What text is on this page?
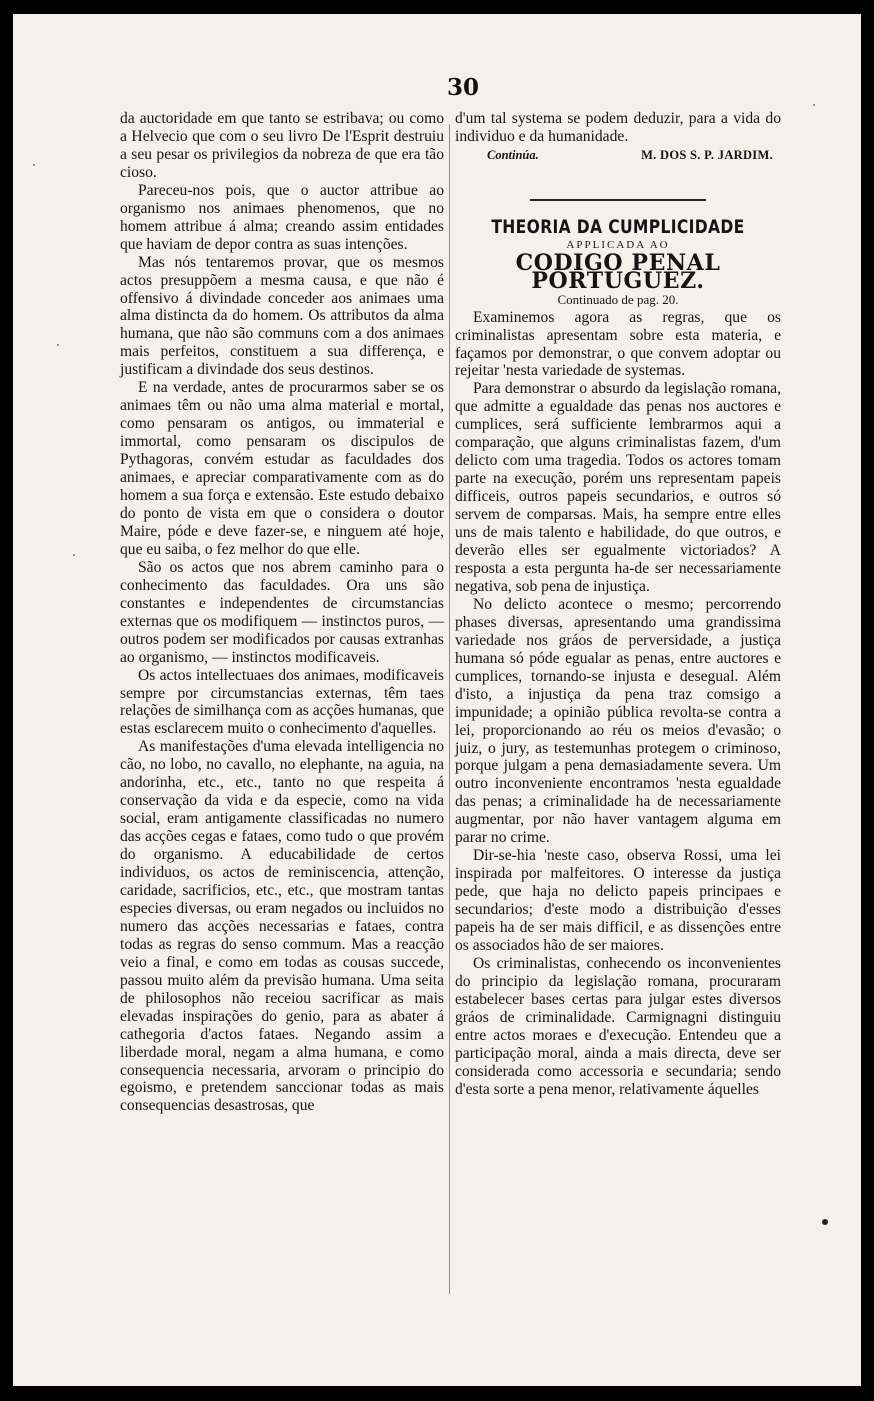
30

da auctoridade em que tanto se estribava; ou como a Helvecio que com o seu livro De l'Esprit destruiu a seu pesar os privilegios da nobreza de que era tão cioso.

Pareceu-nos pois, que o auctor attribue ao organismo nos animaes phenomenos, que no homem attribue á alma; creando assim entidades que haviam de depor contra as suas intenções.

Mas nós tentaremos provar, que os mesmos actos presuppõem a mesma causa, e que não é offensivo á divindade conceder aos animaes uma alma distincta da do homem. Os attributos da alma humana, que não são communs com a dos animaes mais perfeitos, constituem a sua differença, e justificam a divindade dos seus destinos.

E na verdade, antes de procurarmos saber se os animaes têm ou não uma alma material e mortal, como pensaram os antigos, ou immaterial e immortal, como pensaram os discipulos de Pythagoras, convém estudar as faculdades dos animaes, e apreciar comparativamente com as do homem a sua força e extensão. Este estudo debaixo do ponto de vista em que o considera o doutor Maire, póde e deve fazer-se, e ninguem até hoje, que eu saiba, o fez melhor do que elle.

São os actos que nos abrem caminho para o conhecimento das faculdades. Ora uns são constantes e independentes de circumstancias externas que os modifiquem — instinctos puros, —outros podem ser modificados por causas extranhas ao organismo, — instinctos modificaveis.

Os actos intellectuaes dos animaes, modificaveis sempre por circumstancias externas, têm taes relações de similhança com as acções humanas, que estas esclarecem muito o conhecimento d'aquelles.

As manifestações d'uma elevada intelligencia no cão, no lobo, no cavallo, no elephante, na aguia, na andorinha, etc., etc., tanto no que respeita á conservação da vida e da especie, como na vida social, eram antigamente classificadas no numero das acções cegas e fataes, como tudo o que provém do organismo. A educabilidade de certos individuos, os actos de reminiscencia, attenção, caridade, sacrificios, etc., etc., que mostram tantas especies diversas, ou eram negados ou incluidos no numero das acções necessarias e fataes, contra todas as regras do senso commum. Mas a reacção veio a final, e como em todas as cousas succede, passou muito além da previsão humana. Uma seita de philosophos não receiou sacrificar as mais elevadas inspirações do genio, para as abater á cathegoria d'actos fataes. Negando assim a liberdade moral, negam a alma humana, e como consequencia necessaria, arvoram o principio do egoismo, e pretendem sanccionar todas as mais consequencias desastrosas, que

d'um tal systema se podem deduzir, para a vida do individuo e da humanidade.

Continúa.	M. DOS S. P. JARDIM.

THEORIA DA CUMPLICIDADE

APPLICADA AO

CODIGO PENAL PORTUGUEZ.

Continuado de pag. 20.

Examinemos agora as regras, que os criminalistas apresentam sobre esta materia, e façamos por demonstrar, o que convem adoptar ou rejeitar 'nesta variedade de systemas.

Para demonstrar o absurdo da legislação romana, que admitte a egualdade das penas nos auctores e cumplices, será sufficiente lembrarmos aqui a comparação, que alguns criminalistas fazem, d'um delicto com uma tragedia. Todos os actores tomam parte na execução, porém uns representam papeis difficeis, outros papeis secundarios, e outros só servem de comparsas. Mais, ha sempre entre elles uns de mais talento e habilidade, do que outros, e deverão elles ser egualmente victoriados? A resposta a esta pergunta ha-de ser necessariamente negativa, sob pena de injustiça.

No delicto acontece o mesmo; percorrendo phases diversas, apresentando uma grandissima variedade nos gráos de perversidade, a justiça humana só póde egualar as penas, entre auctores e cumplices, tornando-se injusta e desegual. Além d'isto, a injustiça da pena traz comsigo a impunidade; a opinião pública revolta-se contra a lei, proporcionando ao réu os meios d'evasão; o juiz, o jury, as testemunhas protegem o criminoso, porque julgam a pena demasiadamente severa. Um outro inconveniente encontramos 'nesta egualdade das penas; a criminalidade ha de necessariamente augmentar, por não haver vantagem alguma em parar no crime.

Dir-se-hia 'neste caso, observa Rossi, uma lei inspirada por malfeitores. O interesse da justiça pede, que haja no delicto papeis principaes e secundarios; d'este modo a distribuição d'esses papeis ha de ser mais difficil, e as dissenções entre os associados hão de ser maiores.

Os criminalistas, conhecendo os inconvenientes do principio da legislação romana, procuraram estabelecer bases certas para julgar estes diversos gráos de criminalidade. Carmignagni distinguiu entre actos moraes e d'execução. Entendeu que a participação moral, ainda a mais directa, deve ser considerada como accessoria e secundaria; sendo d'esta sorte a pena menor, relativamente áquelles
